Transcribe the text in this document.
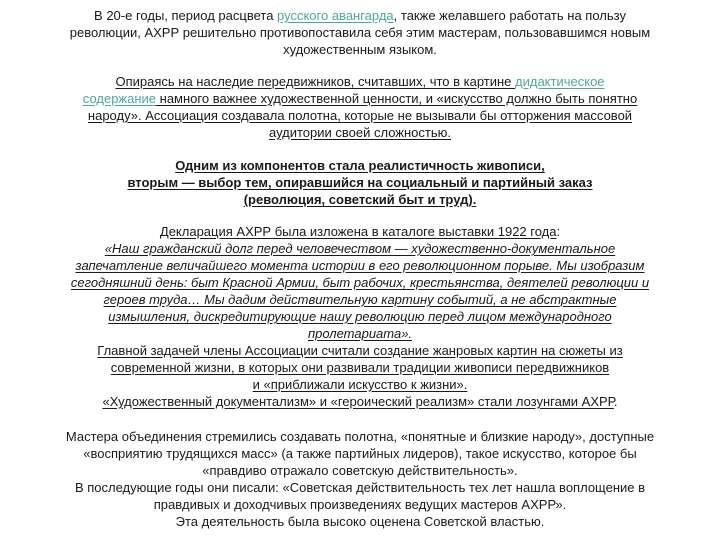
В 20-е годы, период расцвета русского авангарда, также желавшего работать на пользу
революции, АХРР решительно противопоставила себя этим мастерам, пользовавшимся новым
художественным языком.
Опираясь на наследие передвижников, считавших, что в картине дидактическое
содержание намного важнее художественной ценности, и «искусство должно быть понятно
народу». Ассоциация создавала полотна, которые не вызывали бы отторжения массовой
аудитории своей сложностью.
Одним из компонентов стала реалистичность живописи,
вторым — выбор тем, опиравшийся на социальный и партийный заказ
(революция, советский быт и труд).
Декларация АХРР была изложена в каталоге выставки 1922 года:
«Наш гражданский долг перед человечеством — художественно-документальное
запечатление величайшего момента истории в его революционном порыве. Мы изобразим
сегодняшний день: быт Красной Армии, быт рабочих, крестьянства, деятелей революции и
героев труда… Мы дадим действительную картину событий, а не абстрактные
измышления, дискредитирующие нашу революцию перед лицом международного
пролетариата».
Главной задачей члены Ассоциации считали создание жанровых картин на сюжеты из
современной жизни, в которых они развивали традиции живописи передвижников
и «приближали искусство к жизни».
«Художественный документализм» и «героический реализм» стали лозунгами АХРР.
Мастера объединения стремились создавать полотна, «понятные и близкие народу», доступные
«восприятию трудящихся масс» (а также партийных лидеров), такое искусство, которое бы
«правдиво отражало советскую действительность».
В последующие годы они писали: «Советская действительность тех лет нашла воплощение в
правдивых и доходчивых произведениях ведущих мастеров АХРР».
Эта деятельность была высоко оценена Советской властью.
